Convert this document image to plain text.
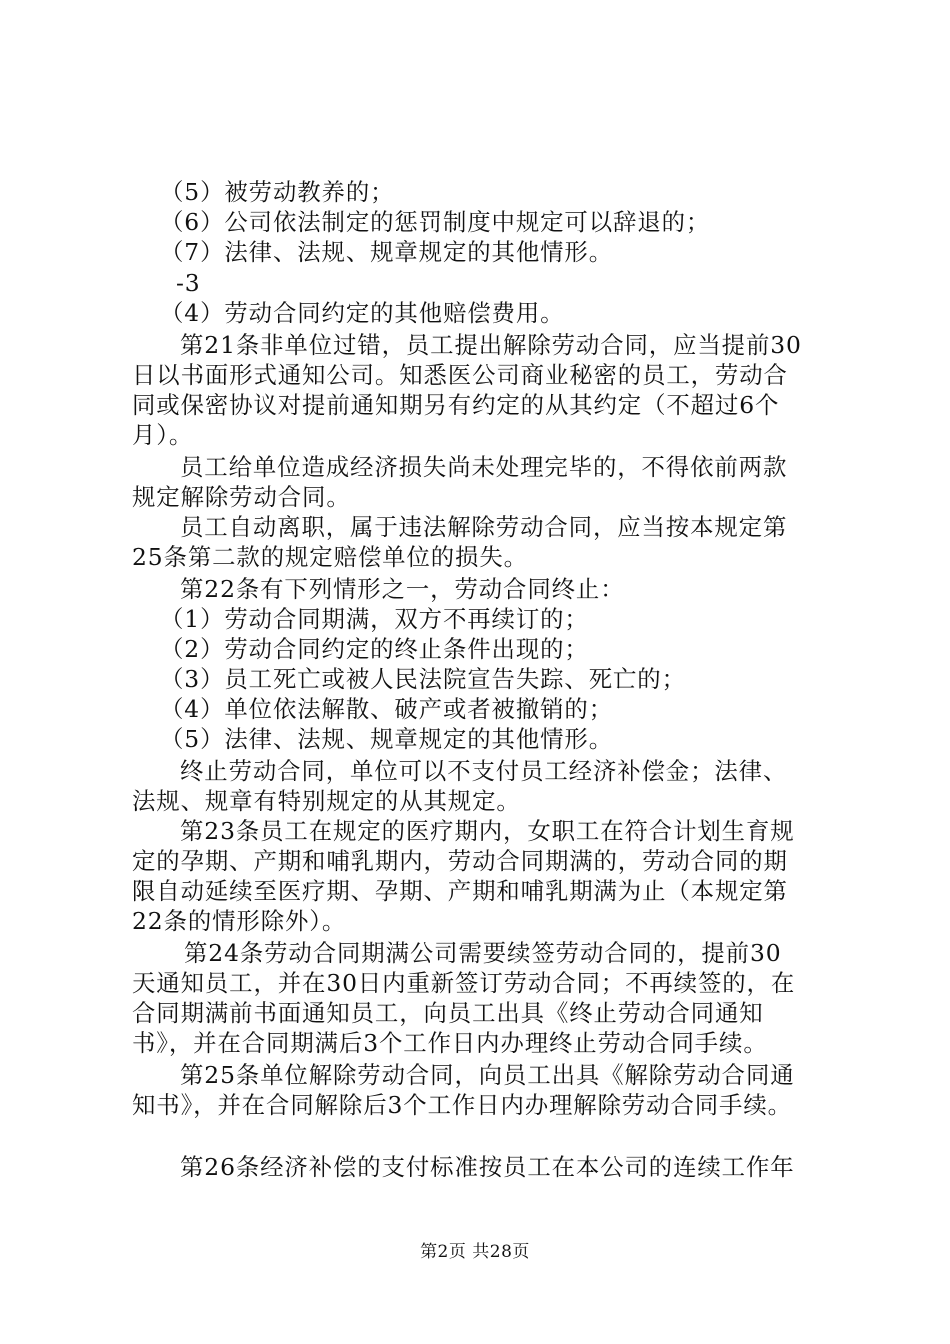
（5）被劳动教养的；
（6）公司依法制定的惩罚制度中规定可以辞退的；
（7）法律、法规、规章规定的其他情形。
-3
（4）劳动合同约定的其他赔偿费用。
第21条非单位过错，员工提出解除劳动合同，应当提前30
日以书面形式通知公司。知悉医公司商业秘密的员工，劳动合
同或保密协议对提前通知期另有约定的从其约定（不超过6个
月）。
员工给单位造成经济损失尚未处理完毕的，不得依前两款
规定解除劳动合同。
员工自动离职，属于违法解除劳动合同，应当按本规定第
25条第二款的规定赔偿单位的损失。
第22条有下列情形之一，劳动合同终止：
（1）劳动合同期满，双方不再续订的；
（2）劳动合同约定的终止条件出现的；
（3）员工死亡或被人民法院宣告失踪、死亡的；
（4）单位依法解散、破产或者被撤销的；
（5）法律、法规、规章规定的其他情形。
终止劳动合同，单位可以不支付员工经济补偿金；法律、
法规、规章有特别规定的从其规定。
第23条员工在规定的医疗期内，女职工在符合计划生育规
定的孕期、产期和哺乳期内，劳动合同期满的，劳动合同的期
限自动延续至医疗期、孕期、产期和哺乳期满为止（本规定第
22条的情形除外）。
第24条劳动合同期满公司需要续签劳动合同的，提前30
天通知员工，并在30日内重新签订劳动合同；不再续签的，在
合同期满前书面通知员工，向员工出具《终止劳动合同通知
书》，并在合同期满后3个工作日内办理终止劳动合同手续。
第25条单位解除劳动合同，向员工出具《解除劳动合同通
知书》，并在合同解除后3个工作日内办理解除劳动合同手续。
第26条经济补偿的支付标准按员工在本公司的连续工作年
第2页 共28页
